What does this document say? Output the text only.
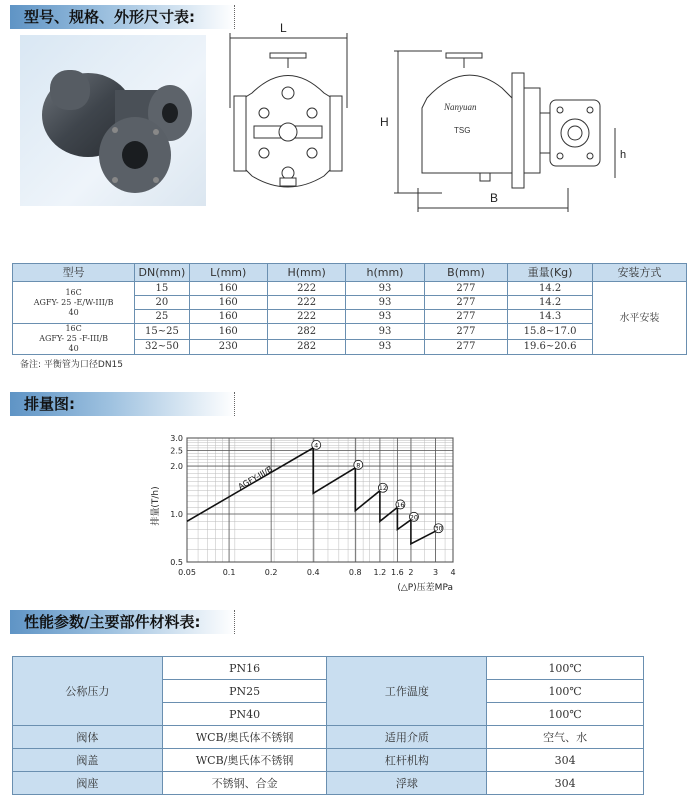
型号、规格、外形尺寸表:
L
H
B
h
Nanyuan
TSG
型号	DN(mm)	L(mm)	H(mm)	h(mm)	B(mm)	重量(Kg)	安装方式

16C
AGFY- 25 -E/W-III/B
40	15	160	222	93	277	14.2	水平安装
	20	160	222	93	277	14.2	
	25	160	222	93	277	14.3	

16C
AGFY- 25 -F-III/B
40	15~25	160	282	93	277	15.8~17.0	
	32~50	230	282	93	277	19.6~20.6	
备注: 平衡管为口径DN15
排量图:
0.05	0.1	0.2	0.4	0.8 1.2 1.6 2 3 4
0.5
1.0
2.0
2.5
3.0
4
8
12
16
20
30
AGFY-III/B
排量(T/h)
(△P)压差MPa
性能参数/主要部件材料表:
公称压力	PN16	工作温度	100℃
	PN25		100℃
	PN40		100℃
阀体	WCB/奥氏体不锈钢	适用介质	空气、水
阀盖	WCB/奥氏体不锈钢	杠杆机构	304
阀座	不锈钢、合金	浮球	304
